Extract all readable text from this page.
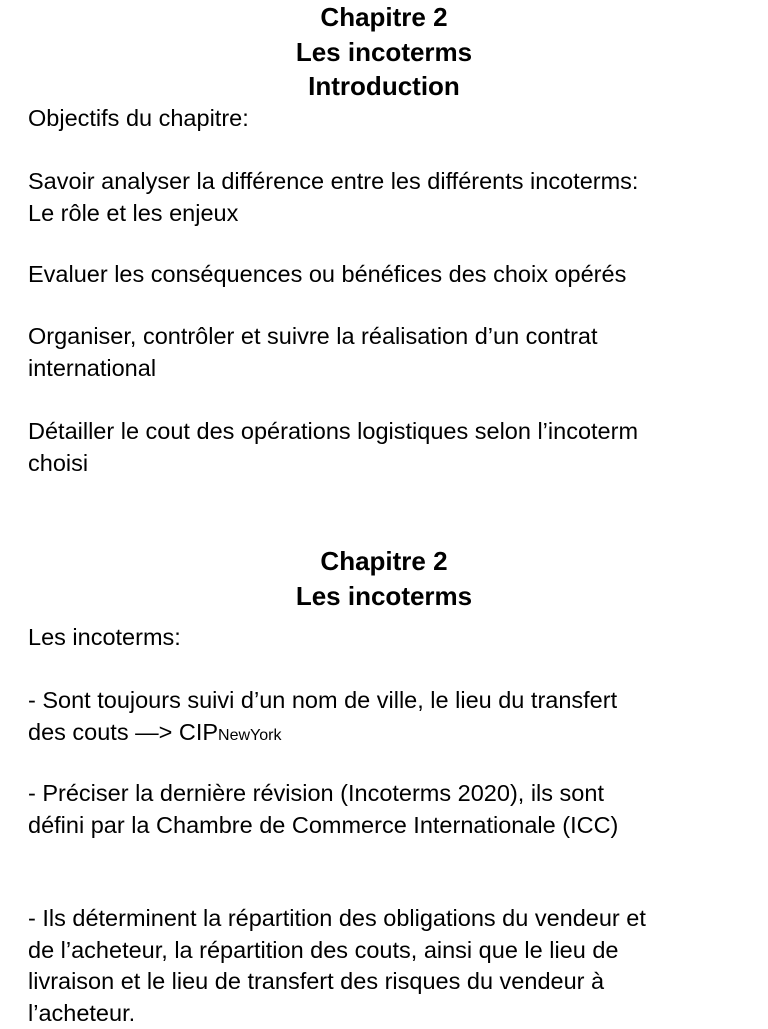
Chapitre 2
Les incoterms
Introduction

Objectifs du chapitre:

Savoir analyser la différence entre les différents incoterms:
Le rôle et les enjeux
Evaluer les conséquences ou bénéfices des choix opérés
Organiser, contrôler et suivre la réalisation d’un contrat
international
Détailler le cout des opérations logistiques selon l’incoterm
choisi
Chapitre 2
Les incoterms

Les incoterms:

- Sont toujours suivi d’un nom de ville, le lieu du transfert
des couts —> CIPNewYork
- Préciser la dernière révision (Incoterms 2020), ils sont
défini par la Chambre de Commerce Internationale (ICC)
- Ils déterminent la répartition des obligations du vendeur et
de l’acheteur, la répartition des couts, ainsi que le lieu de
livraison et le lieu de transfert des risques du vendeur à
l’acheteur.
